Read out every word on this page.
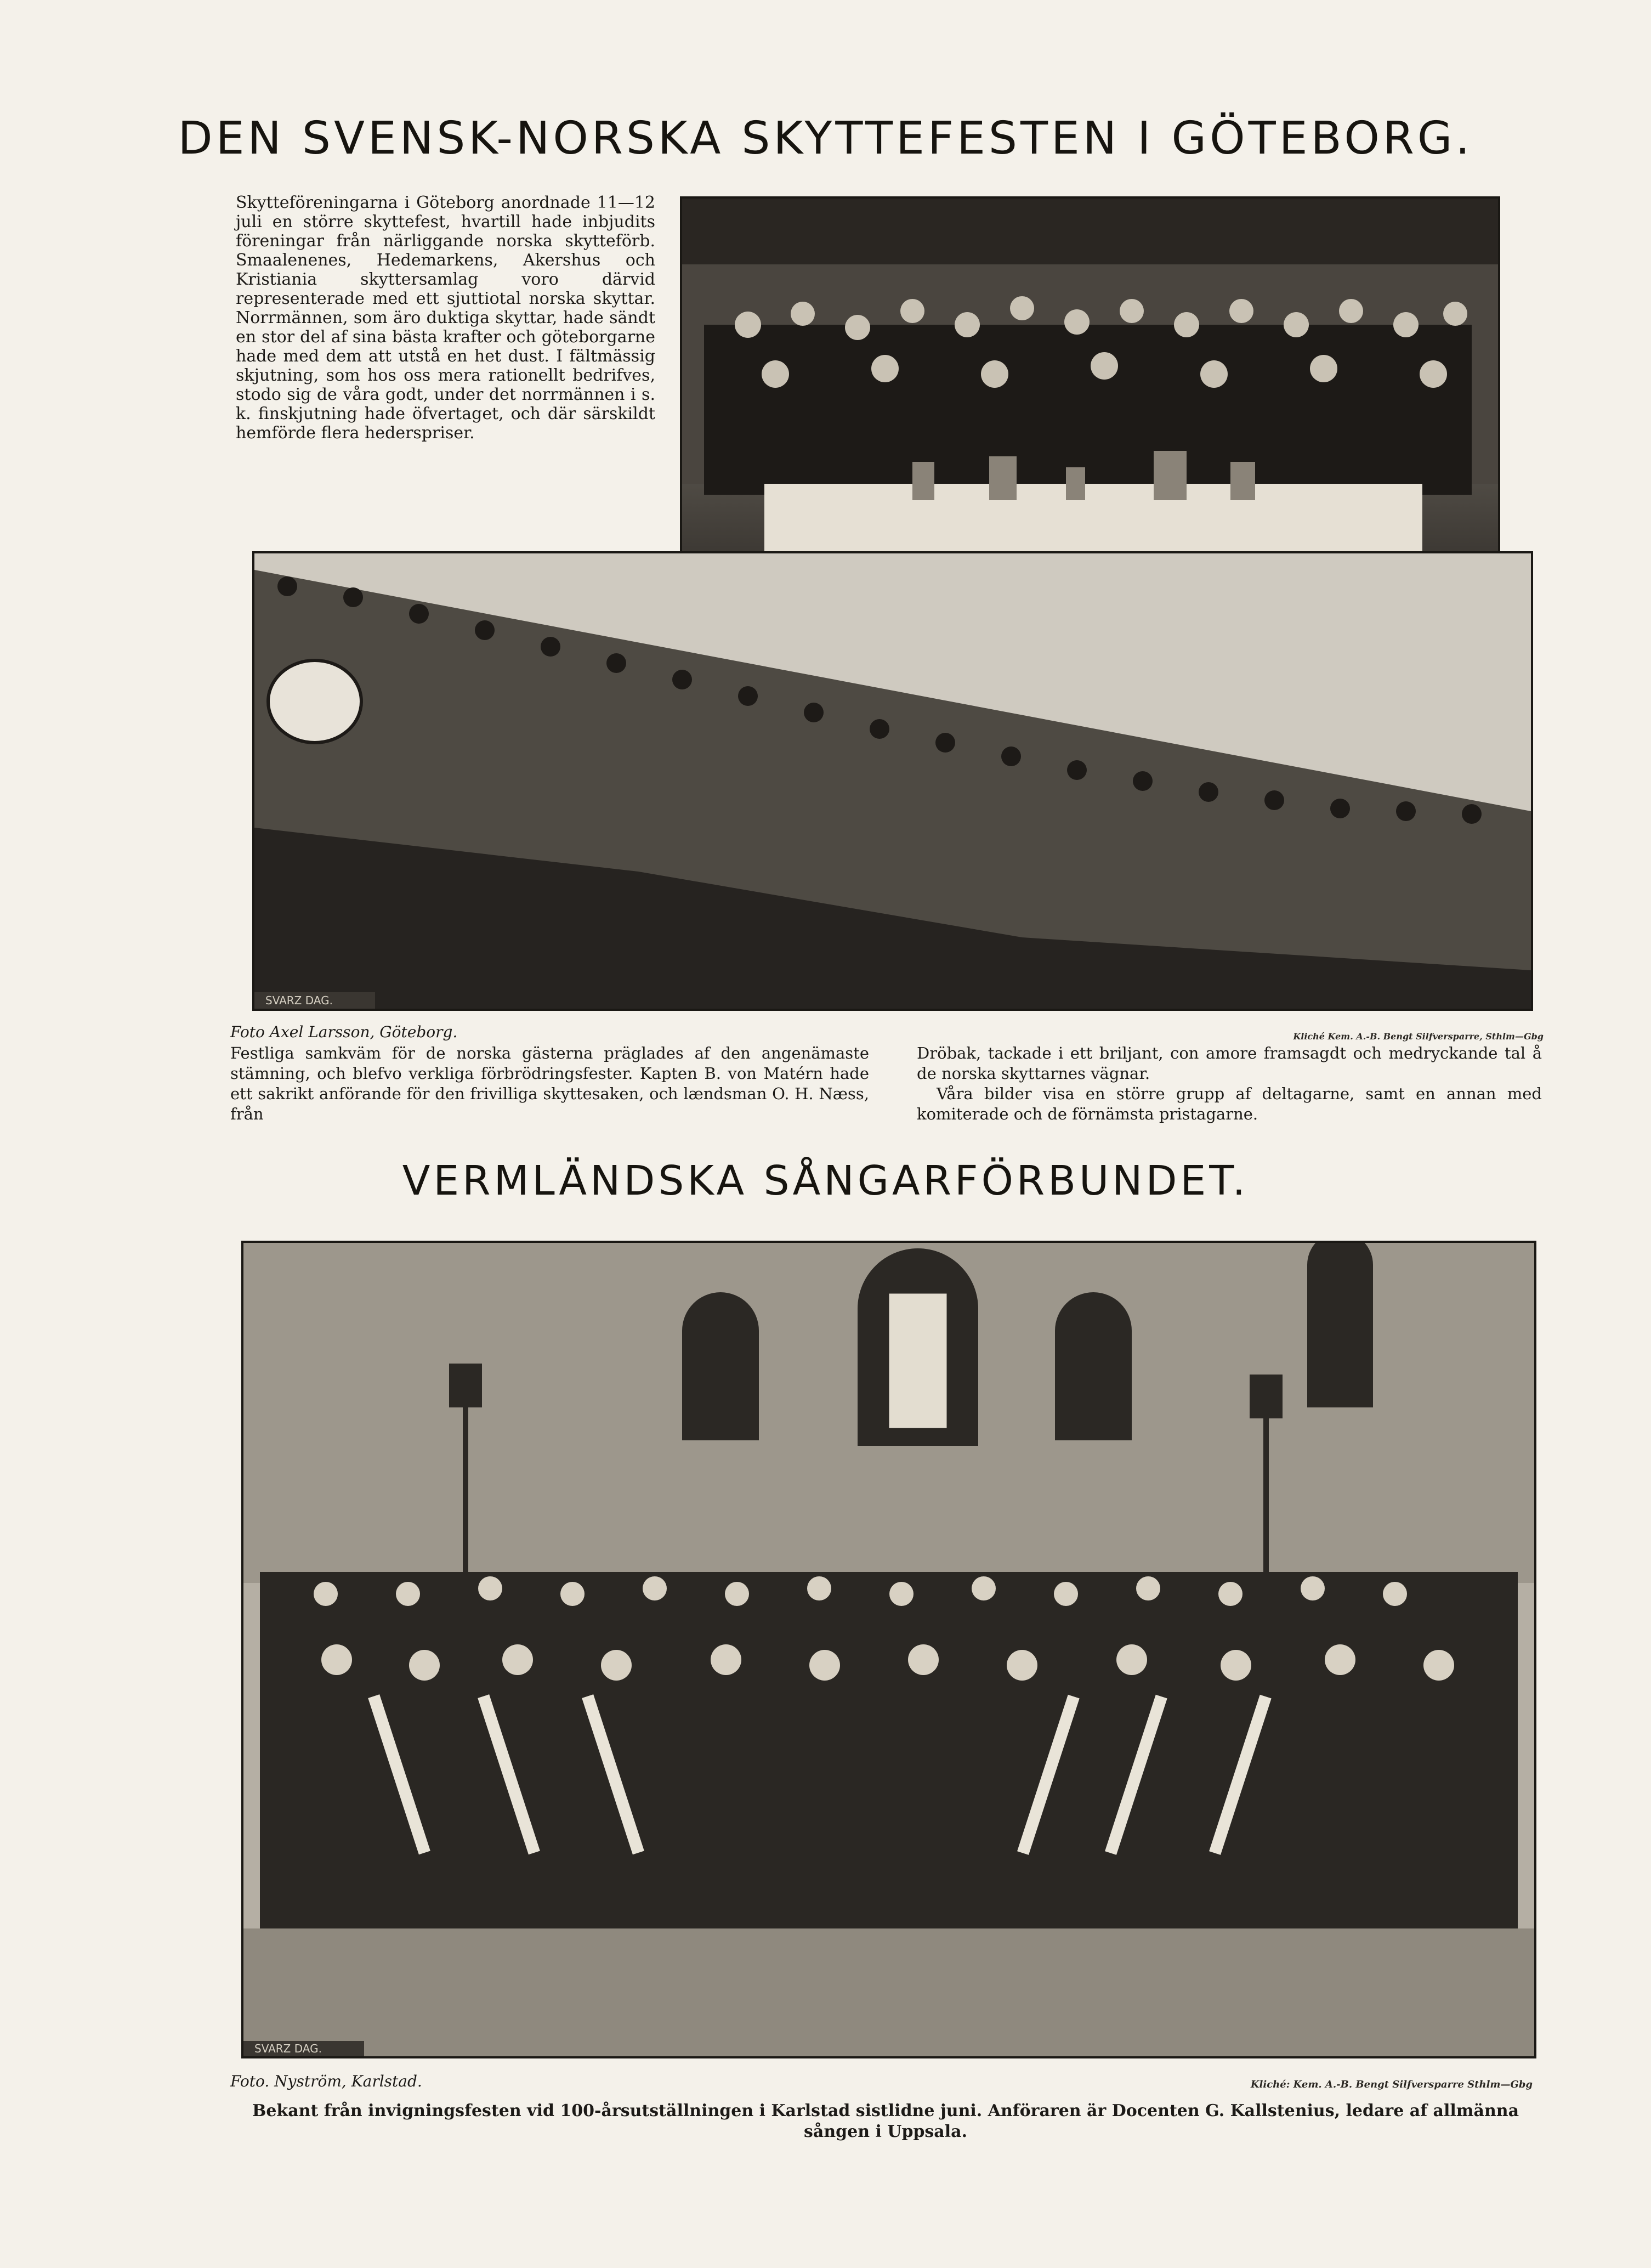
DEN SVENSK-NORSKA SKYTTEFESTEN I GÖTEBORG.
Skytteföreningarna i Göteborg anordnade 11—12 juli en större skyttefest, hvartill hade inbjudits föreningar från närliggande norska skytteförb. Smaalenenes, Hedemarkens, Akershus och Kristiania skyttersamlag voro därvid representerade med ett sjuttiotal norska skyttar. Norrmännen, som äro duktiga skyttar, hade sändt en stor del af sina bästa krafter och göteborgarne hade med dem att utstå en het dust. I fältmässig skjutning, som hos oss mera rationellt bedrifves, stodo sig de våra godt, under det norrmännen i s. k. finskjutning hade öfvertaget, och där särskildt hemförde flera hederspriser.
SVARZ DAG.
Foto Axel Larsson, Göteborg.	Kliché Kem. A.-B. Bengt Silfversparre, Sthlm—Gbg
Festliga samkväm för de norska gästerna präglades af den angenämaste stämning, och blefvo verkliga förbrödringsfester. Kapten B. von Matérn hade ett sakrikt anförande för den frivilliga skyttesaken, och lændsman O. H. Næss, från
Dröbak, tackade i ett briljant, con amore framsagdt och medryckande tal å de norska skyttarnes vägnar.
Våra bilder visa en större grupp af deltagarne, samt en annan med komiterade och de förnämsta pristagarne.
VERMLÄNDSKA SÅNGARFÖRBUNDET.
SVARZ DAG.
Foto. Nyström, Karlstad.	Kliché: Kem. A.-B. Bengt Silfversparre Sthlm—Gbg
Bekant från invigningsfesten vid 100-årsutställningen i Karlstad sistlidne juni. Anföraren är Docenten G. Kallstenius, ledare af allmänna sången i Uppsala.
